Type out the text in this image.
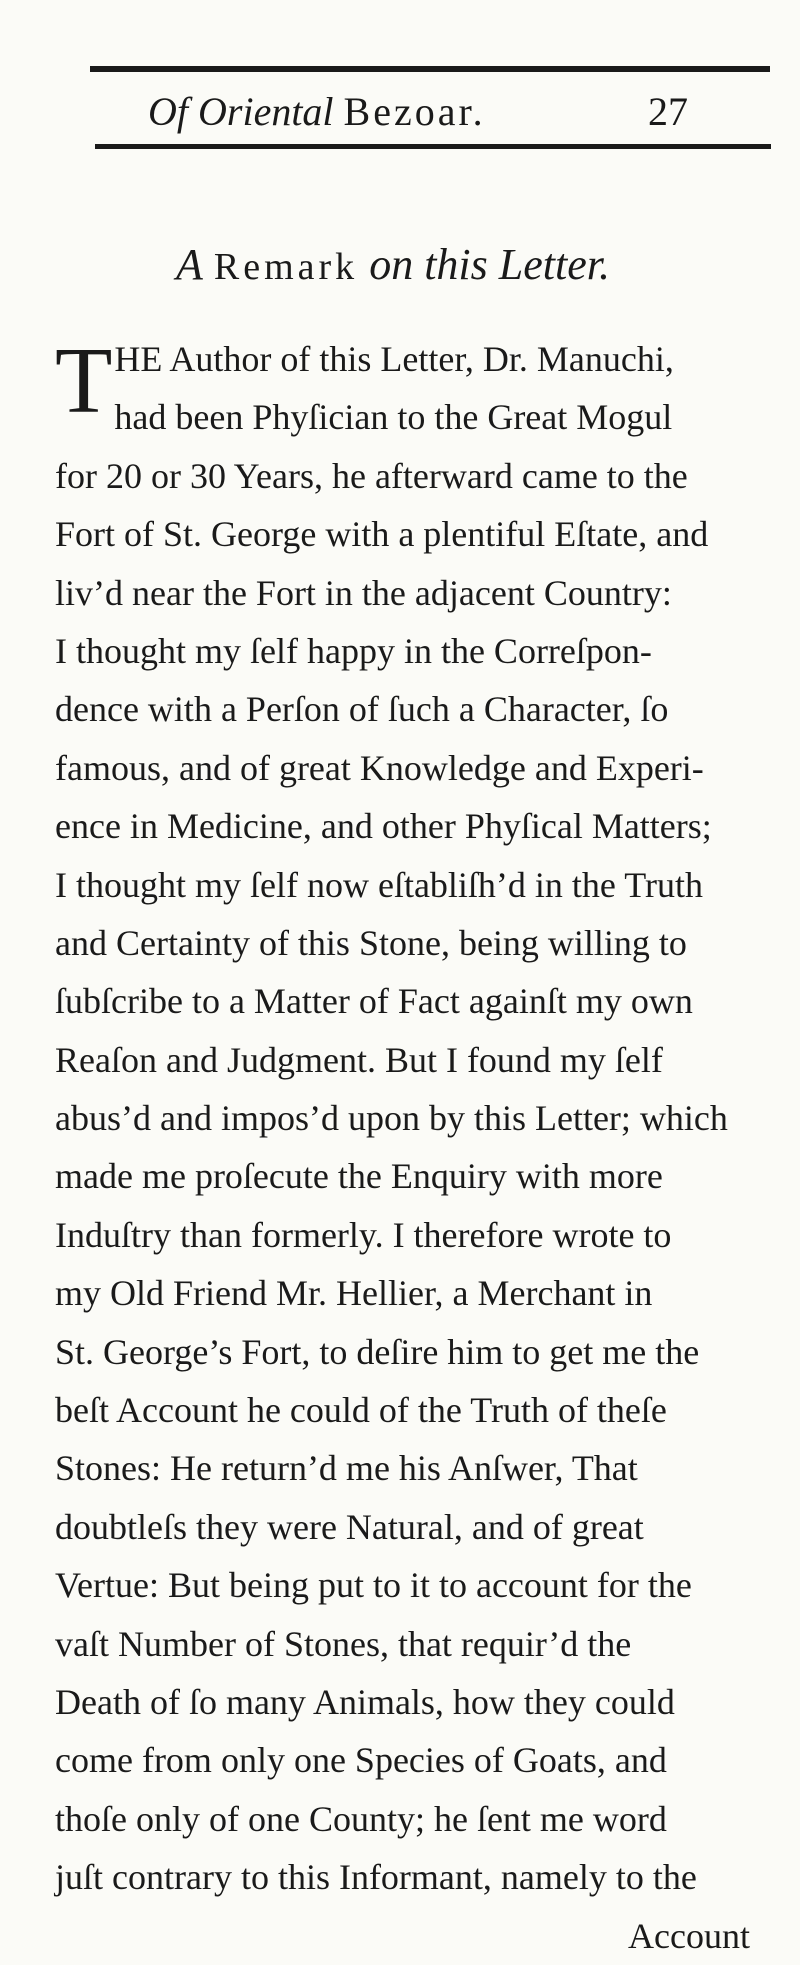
Of Oriental Bezoar.	27
A Remark on this Letter.
THE Author of this Letter, Dr. Manuchi,
had been Phyſician to the Great Mogul
for 20 or 30 Years, he afterward came to the
Fort of St. George with a plentiful Eſtate, and
liv’d near the Fort in the adjacent Country:
I thought my ſelf happy in the Correſpon-
dence with a Perſon of ſuch a Character, ſo
famous, and of great Knowledge and Experi-
ence in Medicine, and other Phyſical Matters;
I thought my ſelf now eſtabliſh’d in the Truth
and Certainty of this Stone, being willing to
ſubſcribe to a Matter of Fact againſt my own
Reaſon and Judgment. But I found my ſelf
abus’d and impos’d upon by this Letter; which
made me proſecute the Enquiry with more
Induſtry than formerly. I therefore wrote to
my Old Friend Mr. Hellier, a Merchant in
St. George’s Fort, to deſire him to get me the
beſt Account he could of the Truth of theſe
Stones: He return’d me his Anſwer, That
doubtleſs they were Natural, and of great
Vertue: But being put to it to account for the
vaſt Number of Stones, that requir’d the
Death of ſo many Animals, how they could
come from only one Species of Goats, and
thoſe only of one County; he ſent me word
juſt contrary to this Informant, namely to the
Account
